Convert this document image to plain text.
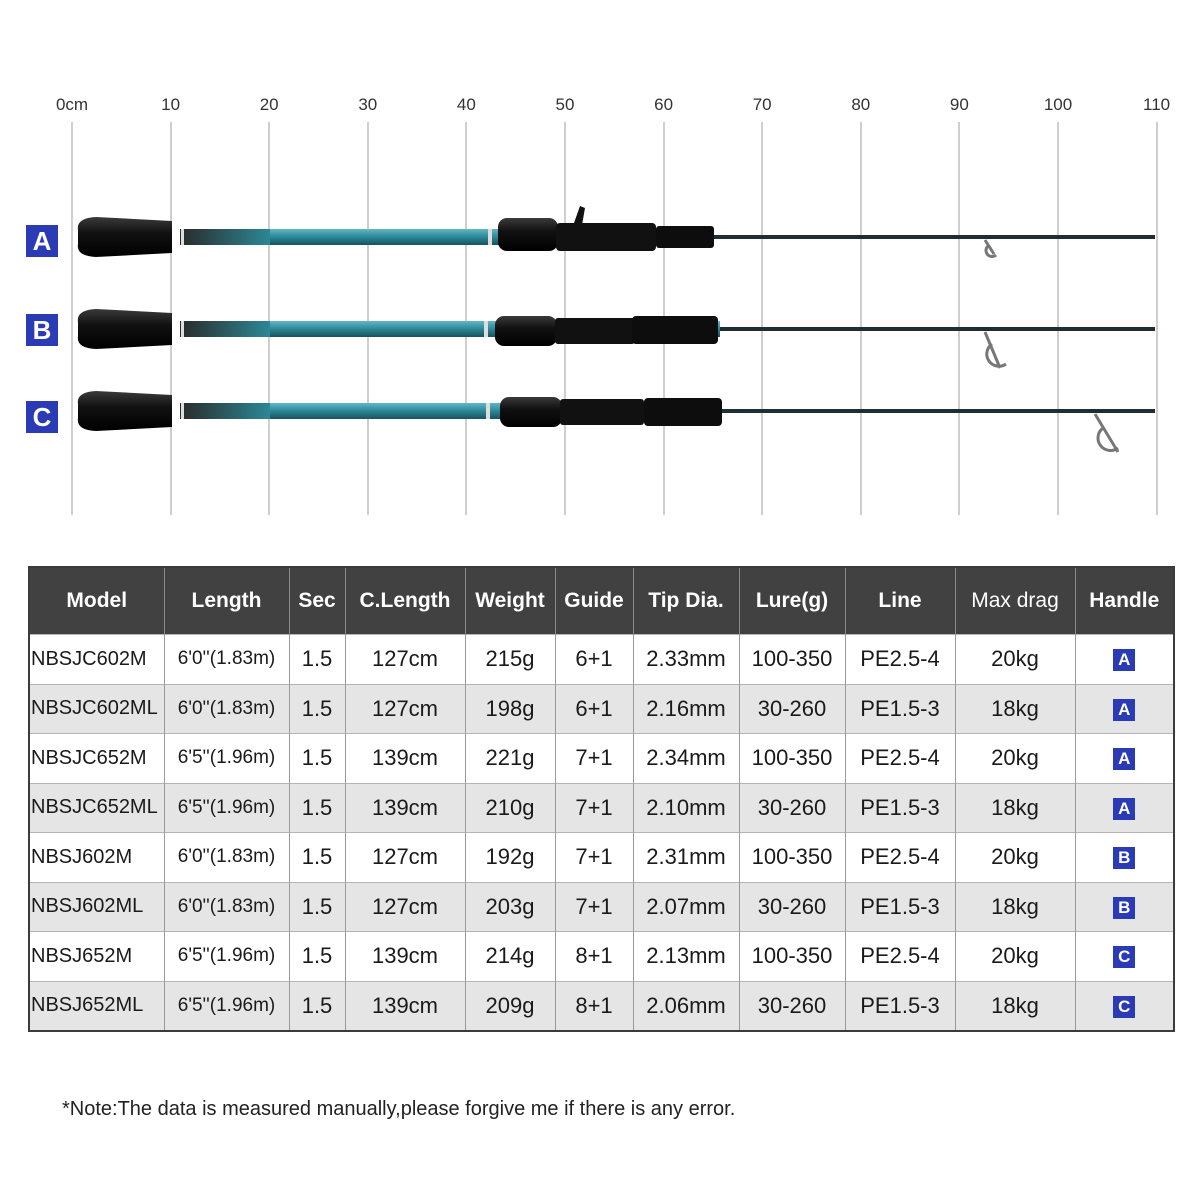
0cm	10	20	30	40	50	60	70	80	90	100	110
A
B
C
Model	Length	Sec	C.Length	Weight	Guide	Tip Dia.	Lure(g)	Line	Max drag	Handle
NBSJC602M	6'0''(1.83m)	1.5	127cm	215g	6+1	2.33mm	100-350	PE2.5-4	20kg	A
NBSJC602ML	6'0''(1.83m)	1.5	127cm	198g	6+1	2.16mm	30-260	PE1.5-3	18kg	A
NBSJC652M	6'5''(1.96m)	1.5	139cm	221g	7+1	2.34mm	100-350	PE2.5-4	20kg	A
NBSJC652ML	6'5''(1.96m)	1.5	139cm	210g	7+1	2.10mm	30-260	PE1.5-3	18kg	A
NBSJ602M	6'0''(1.83m)	1.5	127cm	192g	7+1	2.31mm	100-350	PE2.5-4	20kg	B
NBSJ602ML	6'0''(1.83m)	1.5	127cm	203g	7+1	2.07mm	30-260	PE1.5-3	18kg	B
NBSJ652M	6'5''(1.96m)	1.5	139cm	214g	8+1	2.13mm	100-350	PE2.5-4	20kg	C
NBSJ652ML	6'5''(1.96m)	1.5	139cm	209g	8+1	2.06mm	30-260	PE1.5-3	18kg	C
*Note:The data is measured manually,please forgive me if there is any error.
